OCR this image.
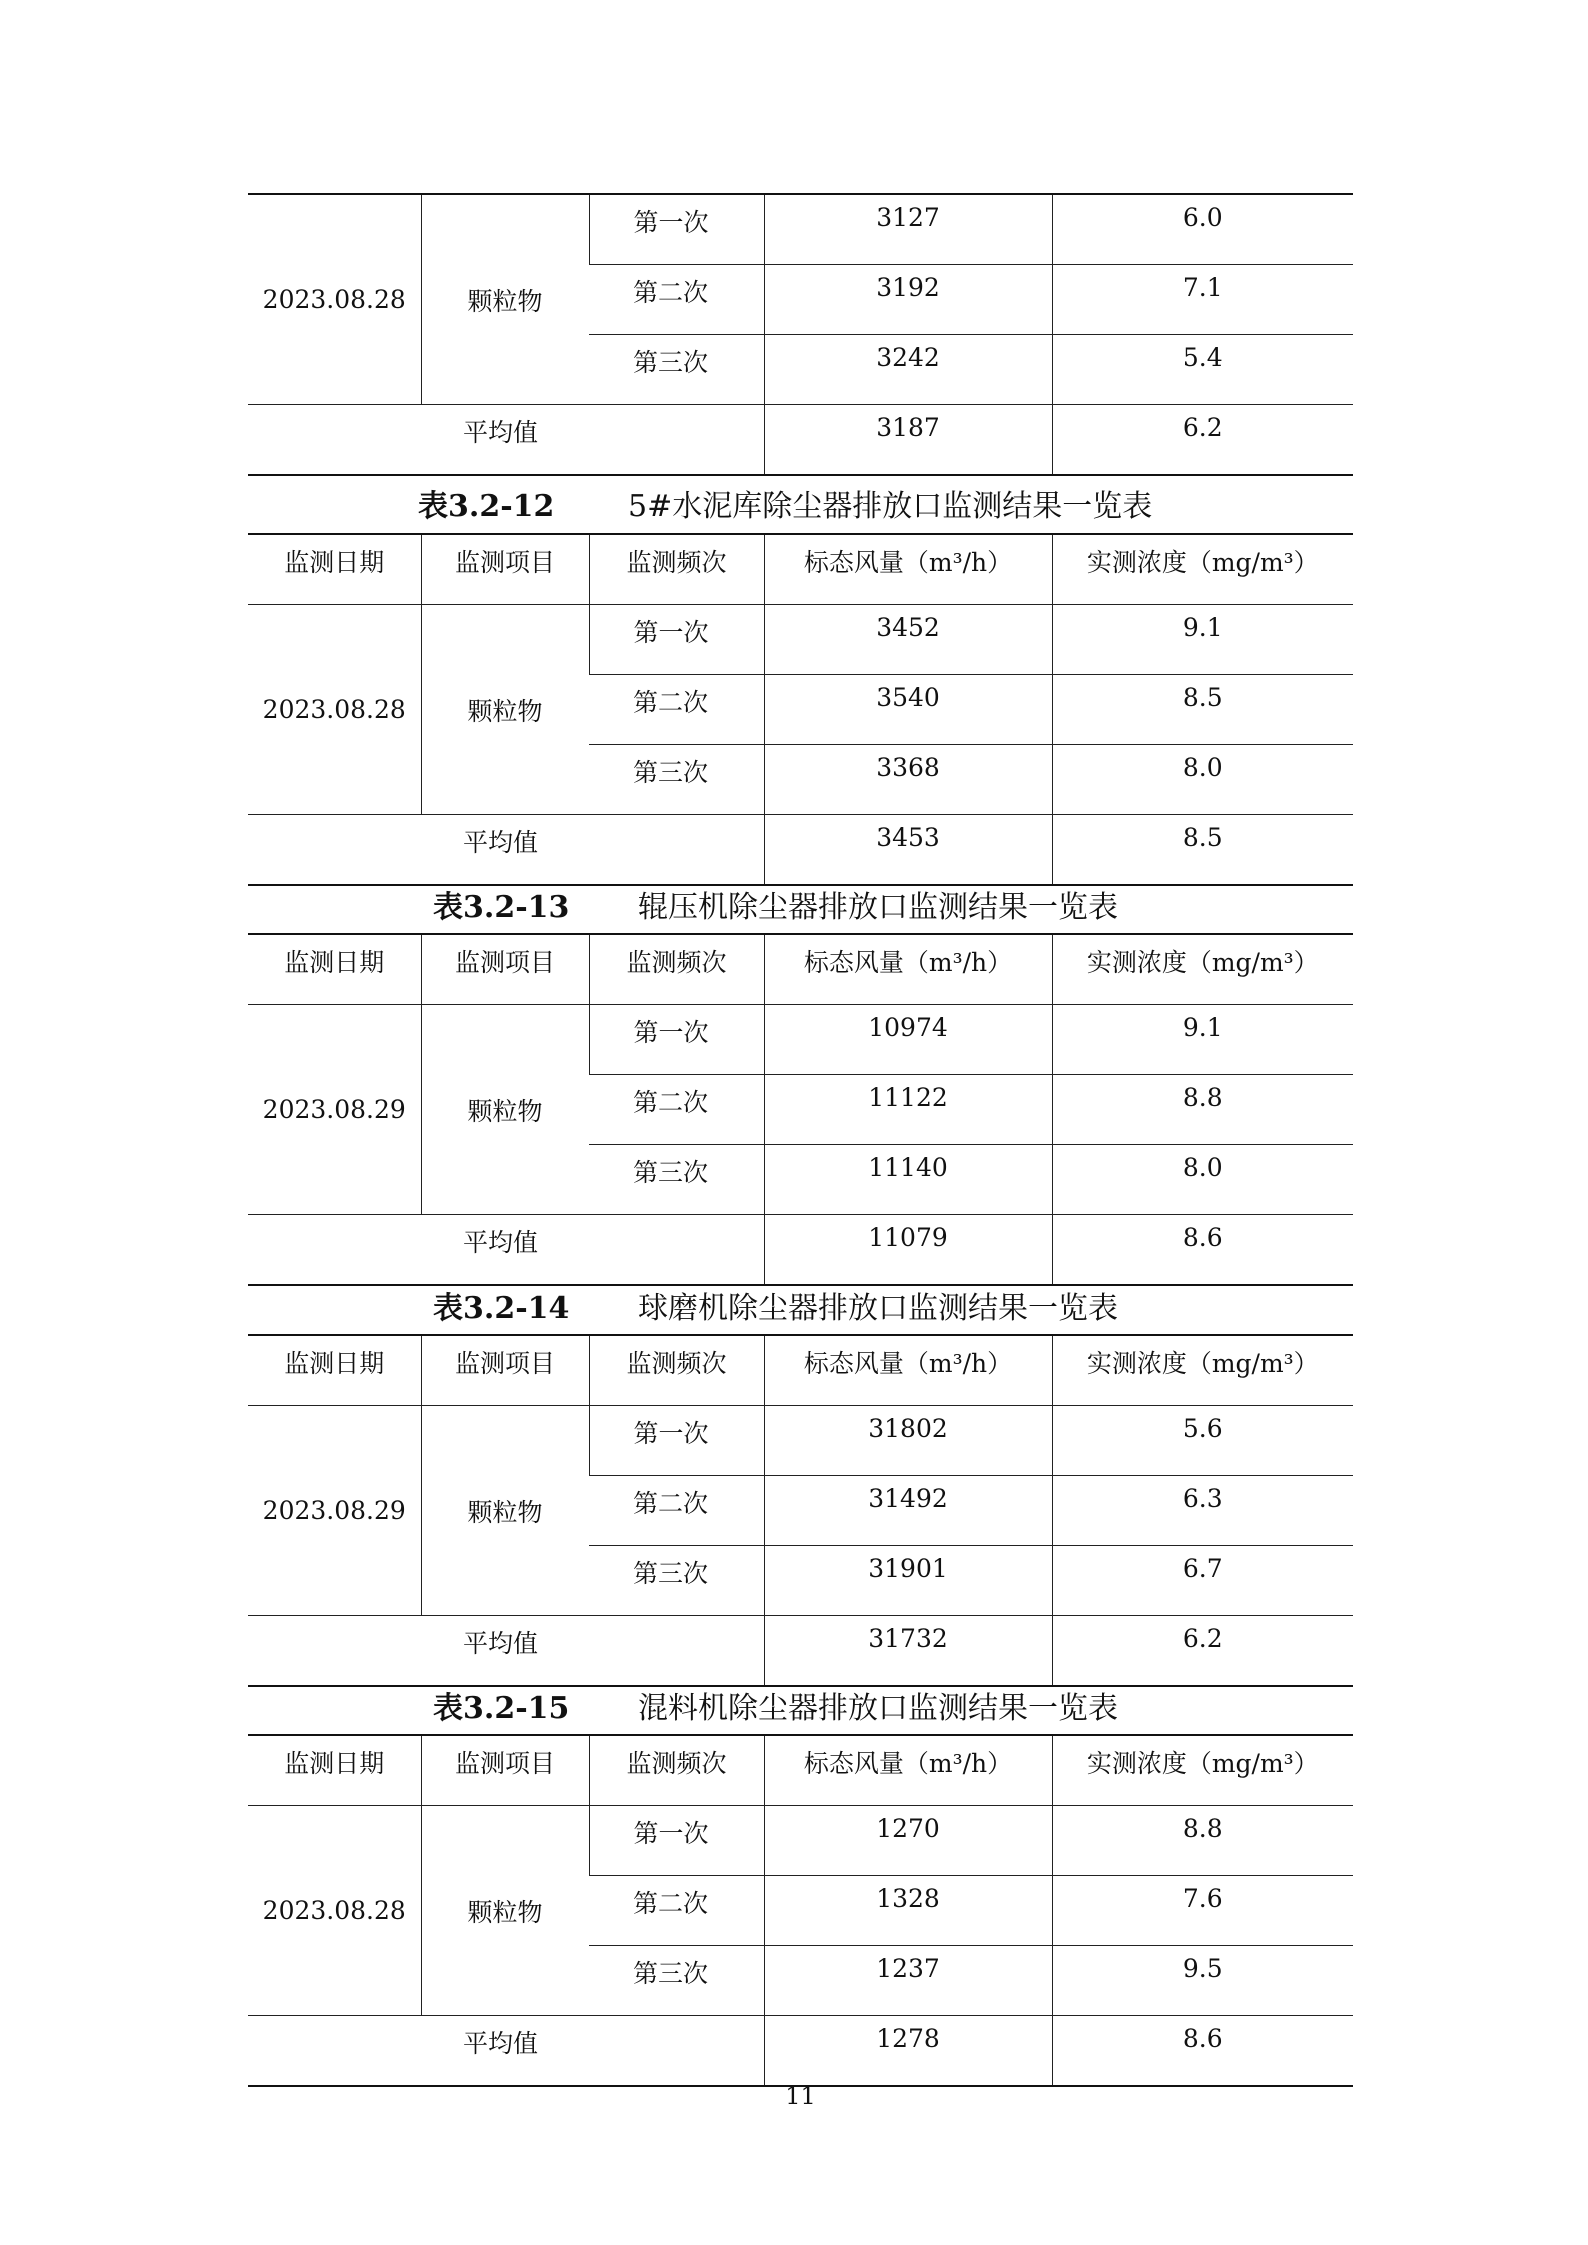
2023.08.28	颗粒物	第一次	3127	6.0
		第二次	3192	7.1
		第三次	3242	5.4
平均值			3187	6.2
表3.2-12 5#水泥库除尘器排放口监测结果一览表
监测日期	监测项目	监测频次	标态风量（m³/h）	实测浓度（mg/m³）
2023.08.28	颗粒物	第一次	3452	9.1
		第二次	3540	8.5
		第三次	3368	8.0
平均值			3453	8.5
表3.2-13 辊压机除尘器排放口监测结果一览表
监测日期	监测项目	监测频次	标态风量（m³/h）	实测浓度（mg/m³）
2023.08.29	颗粒物	第一次	10974	9.1
		第二次	11122	8.8
		第三次	11140	8.0
平均值			11079	8.6
表3.2-14 球磨机除尘器排放口监测结果一览表
监测日期	监测项目	监测频次	标态风量（m³/h）	实测浓度（mg/m³）
2023.08.29	颗粒物	第一次	31802	5.6
		第二次	31492	6.3
		第三次	31901	6.7
平均值			31732	6.2
表3.2-15 混料机除尘器排放口监测结果一览表
监测日期	监测项目	监测频次	标态风量（m³/h）	实测浓度（mg/m³）
2023.08.28	颗粒物	第一次	1270	8.8
		第二次	1328	7.6
		第三次	1237	9.5
平均值			1278	8.6
11
